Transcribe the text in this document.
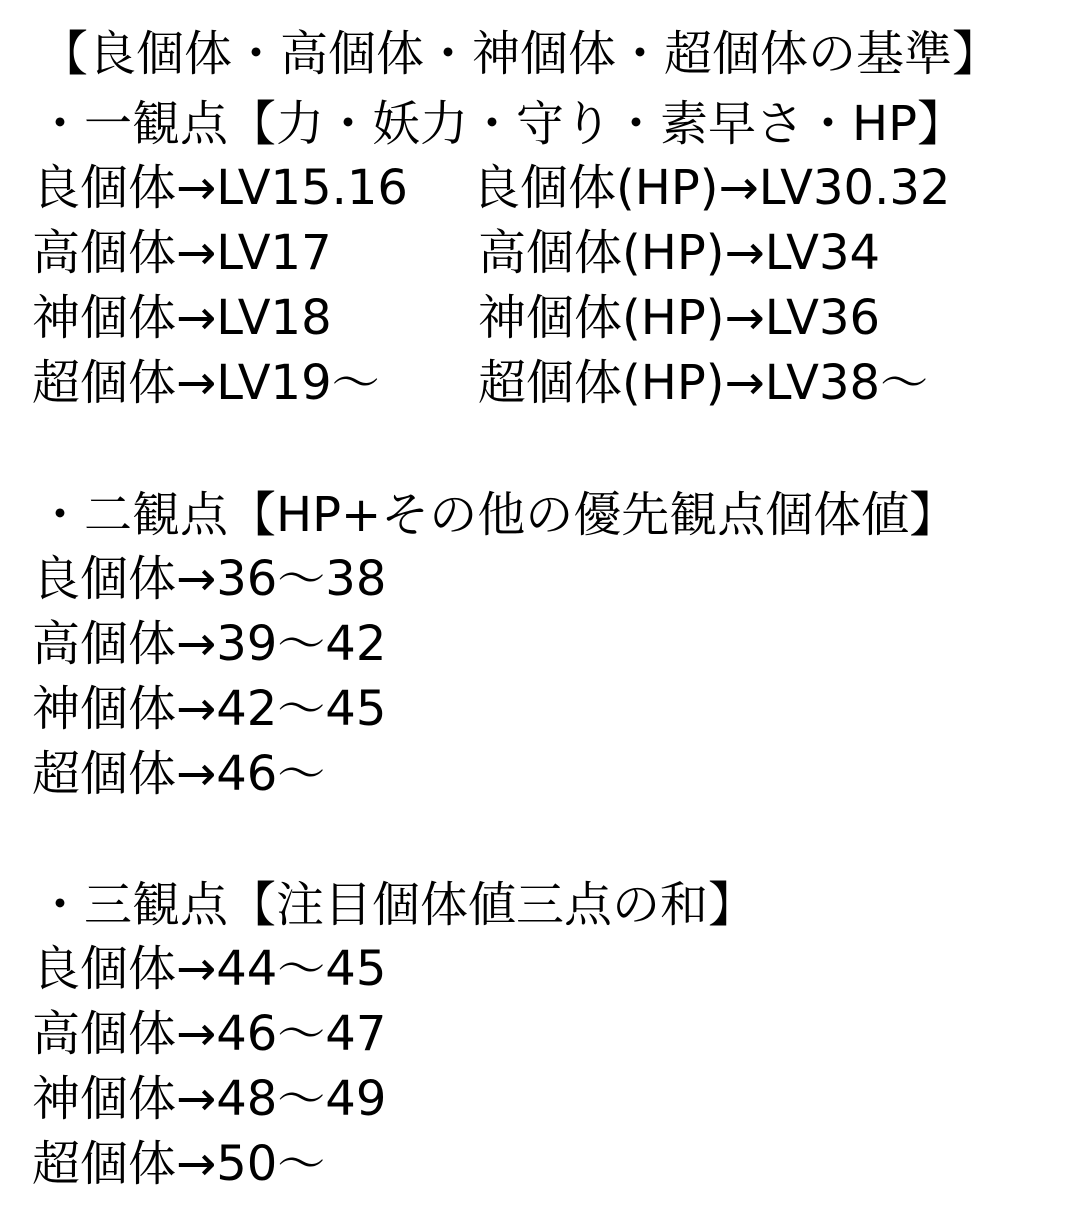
【良個体・高個体・神個体・超個体の基準】
・一観点【力・妖力・守り・素早さ・HP】
良個体→LV15.16 良個体(HP)→LV30.32
高個体→LV17	高個体(HP)→LV34
神個体→LV18	神個体(HP)→LV36
超個体→LV19〜 超個体(HP)→LV38〜
・二観点【HP+その他の優先観点個体値】
良個体→36〜38
高個体→39〜42
神個体→42〜45
超個体→46〜
・三観点【注目個体値三点の和】
良個体→44〜45
高個体→46〜47
神個体→48〜49
超個体→50〜
